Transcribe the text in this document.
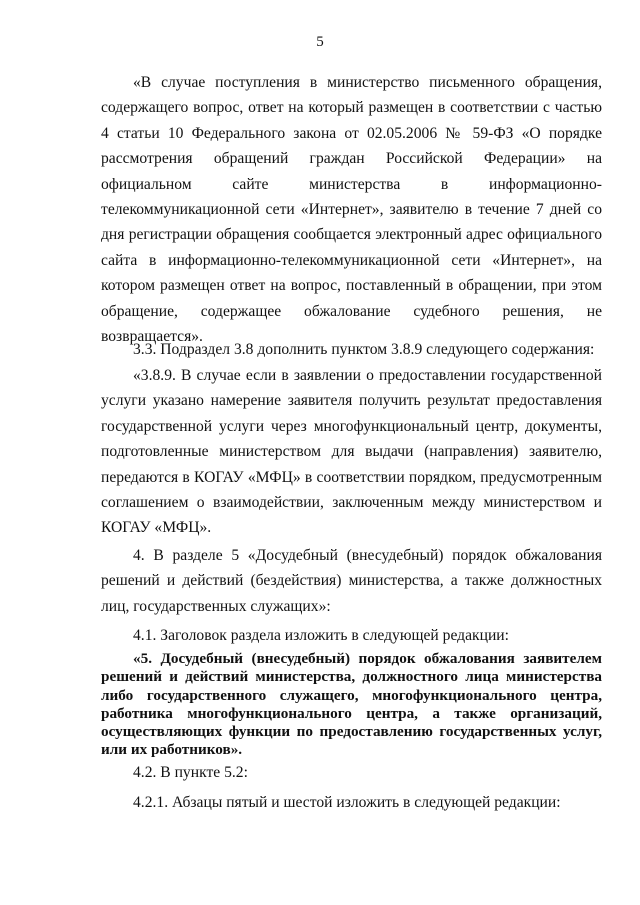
5

«В случае поступления в министерство письменного обращения, содержащего вопрос, ответ на который размещен в соответствии с частью 4 статьи 10 Федерального закона от 02.05.2006 № 59-ФЗ «О порядке рассмотрения обращений граждан Российской Федерации» на официальном сайте министерства в информационно-телекоммуникационной сети «Интернет», заявителю в течение 7 дней со дня регистрации обращения сообщается электронный адрес официального сайта в информационно-телекоммуникационной сети «Интернет», на котором размещен ответ на вопрос, поставленный в обращении, при этом обращение, содержащее обжалование судебного решения, не возвращается».

3.3. Подраздел 3.8 дополнить пунктом 3.8.9 следующего содержания:

«3.8.9. В случае если в заявлении о предоставлении государственной услуги указано намерение заявителя получить результат предоставления государственной услуги через многофункциональный центр, документы, подготовленные министерством для выдачи (направления) заявителю, передаются в КОГАУ «МФЦ» в соответствии порядком, предусмотренным соглашением о взаимодействии, заключенным между министерством и КОГАУ «МФЦ».

4. В разделе 5 «Досудебный (внесудебный) порядок обжалования решений и действий (бездействия) министерства, а также должностных лиц, государственных служащих»:

4.1. Заголовок раздела изложить в следующей редакции:

«5. Досудебный (внесудебный) порядок обжалования заявителем решений и действий министерства, должностного лица министерства либо государственного служащего, многофункционального центра, работника многофункционального центра, а также организаций, осуществляющих функции по предоставлению государственных услуг, или их работников».

4.2. В пункте 5.2:

4.2.1. Абзацы пятый и шестой изложить в следующей редакции:
